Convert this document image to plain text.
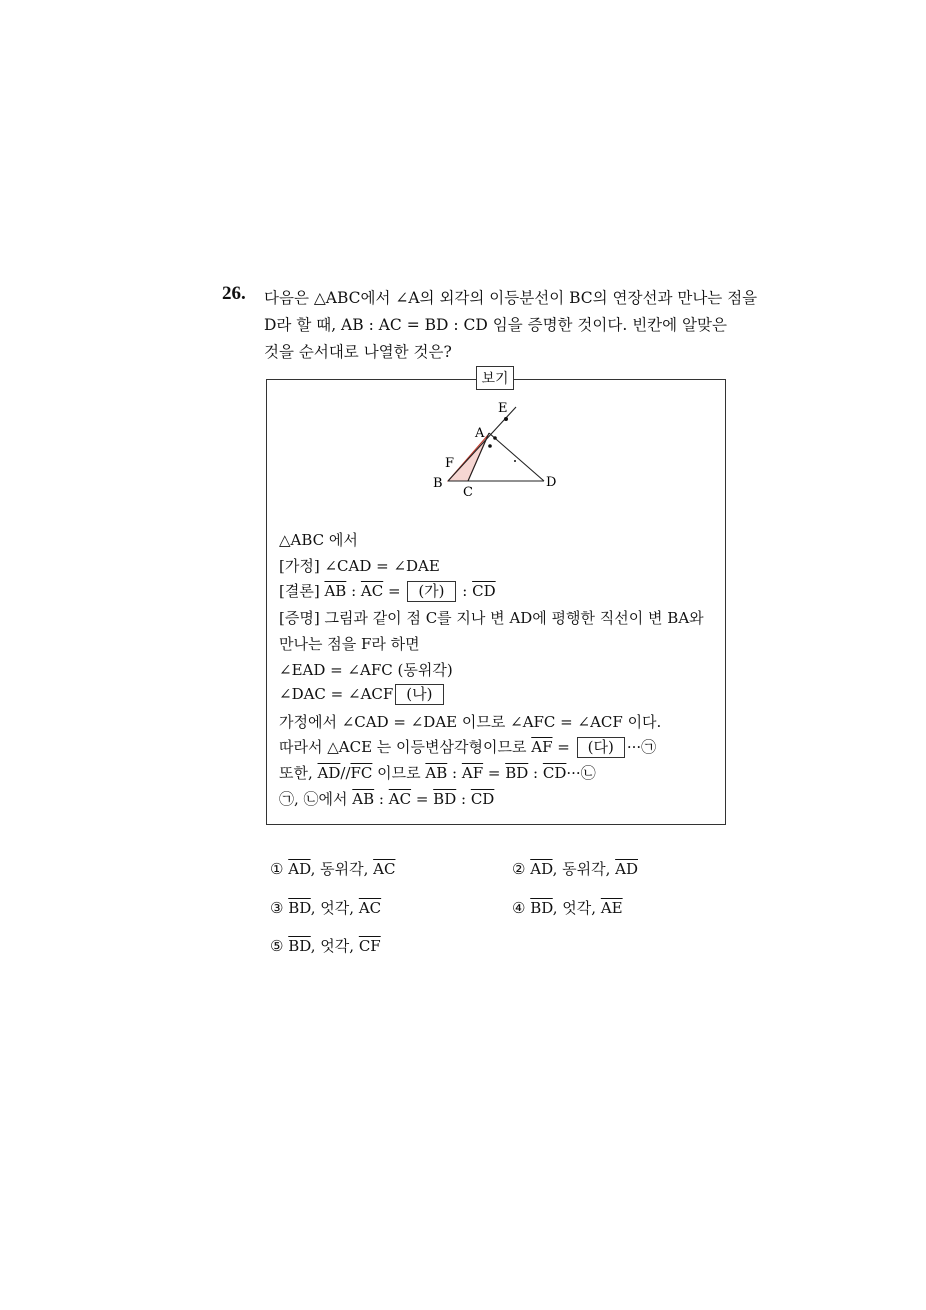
26. 다음은 △ABC에서 ∠A의 외각의 이등분선이 BC의 연장선과 만나는 점을
D라 할 때, AB : AC = BD : CD 임을 증명한 것이다. 빈칸에 알맞은
것을 순서대로 나열한 것은?
보기
E
A
F
B
C
D
△ABC 에서
[가정] ∠CAD = ∠DAE
[결론] $\overline{AB}$ : $\overline{AC}$ = (가) : $\overline{CD}$
[증명] 그림과 같이 점 C를 지나 변 AD에 평행한 직선이 변 BA와
만나는 점을 F라 하면
∠EAD = ∠AFC (동위각)
∠DAC = ∠ACF (나)
가정에서 ∠CAD = ∠DAE 이므로 ∠AFC = ∠ACF 이다.
따라서 △ACE 는 이등변삼각형이므로 $\overline{AF}$ = (다) ···㉠
또한, $\overline{AD}//\overline{FC}$ 이므로 $\overline{AB}$ : $\overline{AF} = \overline{BD}$ : $\overline{CD}\cdot\cdot\cdot㉡$
㉠, ㉡에서 $\overline{AB}$ : $\overline{AC} = \overline{BD}$ : $\overline{CD}$
① $\overline{AD}$, 동위각, $\overline{AC}$	② $\overline{AD}$, 동위각, $\overline{AD}$
③ $\overline{BD}$, 엇각, $\overline{AC}$	④ $\overline{BD}$, 엇각, $\overline{AE}$
⑤ $\overline{BD}$, 엇각, $\overline{CF}$
